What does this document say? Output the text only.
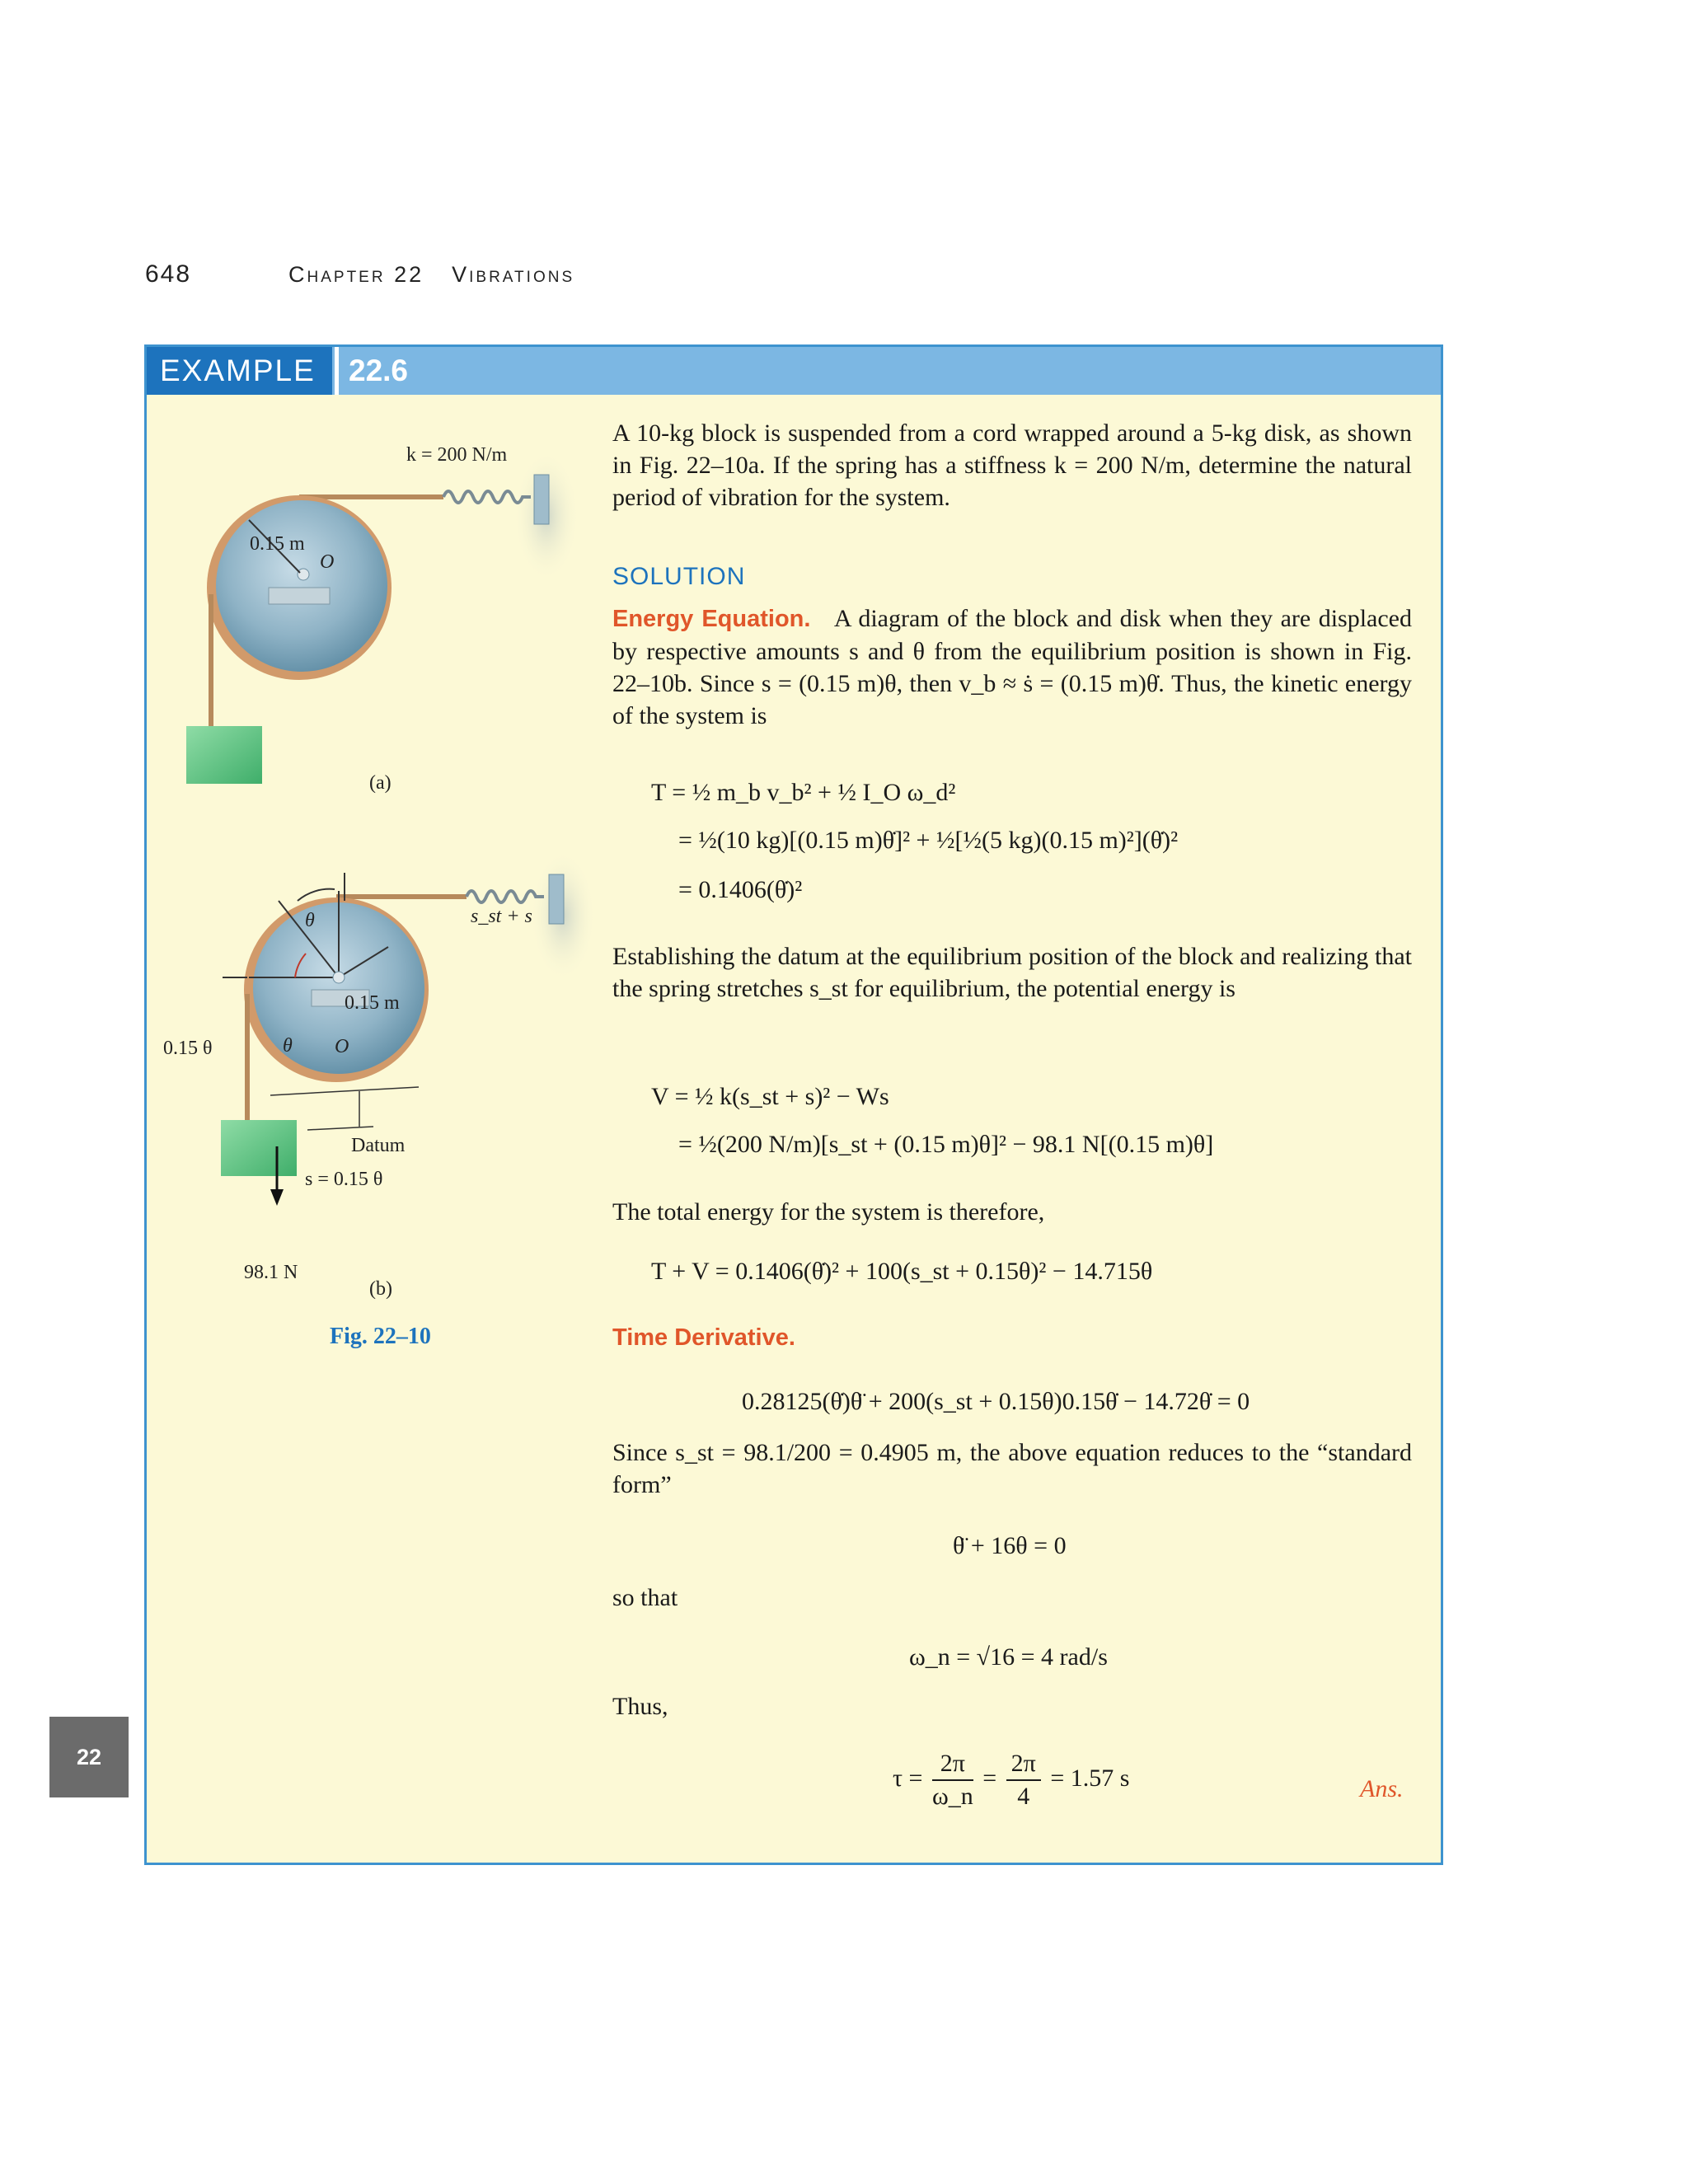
648	Chapter 22 Vibrations
EXAMPLE	22.6
k = 200 N/m
0.15 m
O
(a)
θ	s_st + s
0.15 m
O
θ
0.15 θ
Datum
s = 0.15 θ
98.1 N
(b)
Fig. 22–10
A 10-kg block is suspended from a cord wrapped around a 5-kg disk, as shown in Fig. 22–10a. If the spring has a stiffness k = 200 N/m, determine the natural period of vibration for the system.
SOLUTION
Energy Equation. A diagram of the block and disk when they are displaced by respective amounts s and θ from the equilibrium position is shown in Fig. 22–10b. Since s = (0.15 m)θ, then v_b ≈ ṡ = (0.15 m)θ̇. Thus, the kinetic energy of the system is
T = ½ m_b v_b² + ½ I_O ω_d²
= ½(10 kg)[(0.15 m)θ̇]² + ½[½(5 kg)(0.15 m)²](θ̇)²
= 0.1406(θ̇)²
Establishing the datum at the equilibrium position of the block and realizing that the spring stretches s_st for equilibrium, the potential energy is
V = ½ k(s_st + s)² − Ws
= ½(200 N/m)[s_st + (0.15 m)θ]² − 98.1 N[(0.15 m)θ]
The total energy for the system is therefore,
T + V = 0.1406(θ̇)² + 100(s_st + 0.15θ)² − 14.715θ
Time Derivative.
0.28125(θ̇)θ̈ + 200(s_st + 0.15θ)0.15θ̇ − 14.72θ̇ = 0
Since s_st = 98.1/200 = 0.4905 m, the above equation reduces to the “standard form”
θ̈ + 16θ = 0
so that
ω_n = √16 = 4 rad/s
Thus,
$\tau = \frac{2\pi}{\omega\_n} = \frac{2\pi}{4} = 1.57$ s	Ans.
22
